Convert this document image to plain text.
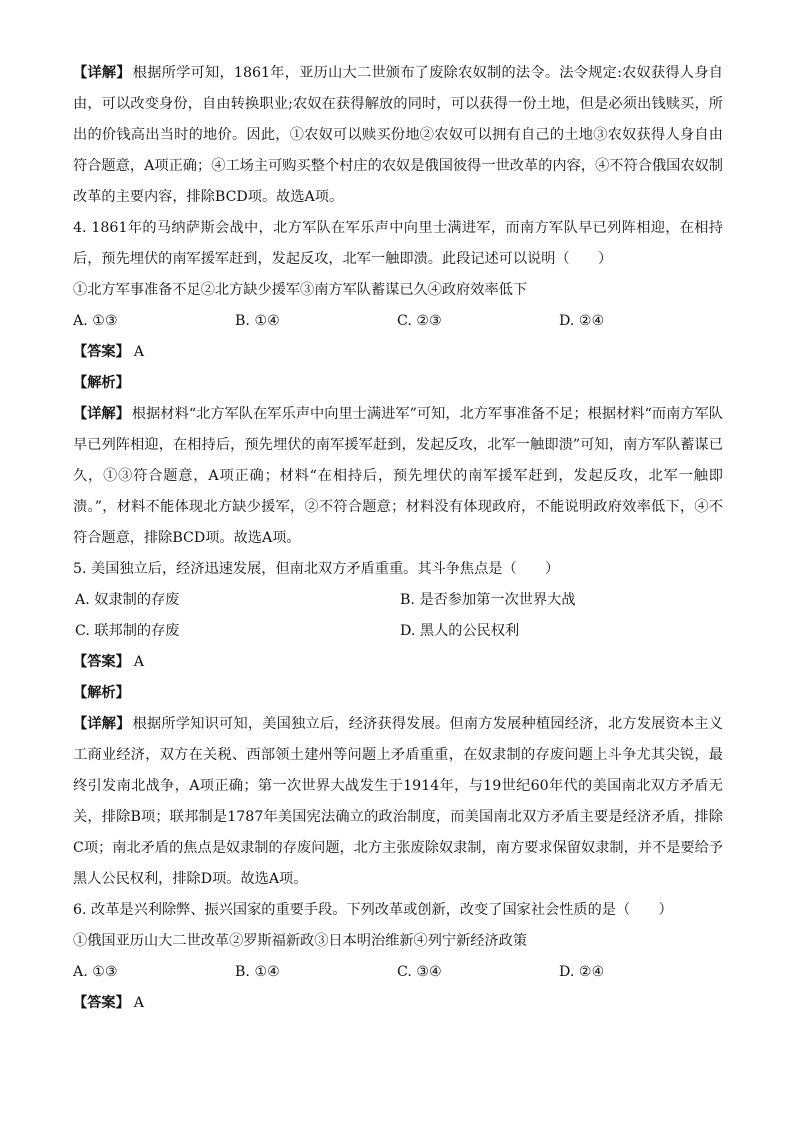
【详解】 根据所学可知，1861年，亚历山大二世颁布了废除农奴制的法令。法令规定:农奴获得人身自由，可以改变身份，自由转换职业;农奴在获得解放的同时，可以获得一份土地，但是必须出钱赎买，所出的价钱高出当时的地价。因此，①农奴可以赎买份地②农奴可以拥有自己的土地③农奴获得人身自由符合题意，A项正确；④工场主可购买整个村庄的农奴是俄国彼得一世改革的内容，④不符合俄国农奴制改革的主要内容，排除BCD项。故选A项。

4. 1861年的马纳萨斯会战中，北方军队在军乐声中向里士满进军，而南方军队早已列阵相迎，在相持后，预先埋伏的南军援军赶到，发起反攻，北军一触即溃。此段记述可以说明（　　）

①北方军事准备不足②北方缺少援军③南方军队蓄谋已久④政府效率低下

A. ①③	B. ①④	C. ②③	D. ②④

【答案】 A

【解析】

【详解】 根据材料“北方军队在军乐声中向里士满进军”可知，北方军事准备不足；根据材料“而南方军队早已列阵相迎，在相持后，预先埋伏的南军援军赶到，发起反攻，北军一触即溃”可知，南方军队蓄谋已久，①③符合题意，A项正确；材料“在相持后，预先埋伏的南军援军赶到，发起反攻，北军一触即溃。”，材料不能体现北方缺少援军，②不符合题意；材料没有体现政府，不能说明政府效率低下，④不符合题意，排除BCD项。故选A项。

5. 美国独立后，经济迅速发展，但南北双方矛盾重重。其斗争焦点是（　　）

A. 奴隶制的存废	B. 是否参加第一次世界大战
C. 联邦制的存废	D. 黑人的公民权利

【答案】 A

【解析】

【详解】 根据所学知识可知，美国独立后，经济获得发展。但南方发展种植园经济，北方发展资本主义工商业经济，双方在关税、西部领土建州等问题上矛盾重重，在奴隶制的存废问题上斗争尤其尖锐，最终引发南北战争，A项正确；第一次世界大战发生于1914年，与19世纪60年代的美国南北双方矛盾无关，排除B项；联邦制是1787年美国宪法确立的政治制度，而美国南北双方矛盾主要是经济矛盾，排除C项；南北矛盾的焦点是奴隶制的存废问题，北方主张废除奴隶制，南方要求保留奴隶制，并不是要给予黑人公民权利，排除D项。故选A项。

6. 改革是兴利除弊、振兴国家的重要手段。下列改革或创新，改变了国家社会性质的是（　　）

①俄国亚历山大二世改革②罗斯福新政③日本明治维新④列宁新经济政策

A. ①③	B. ①④	C. ③④	D. ②④

【答案】 A
